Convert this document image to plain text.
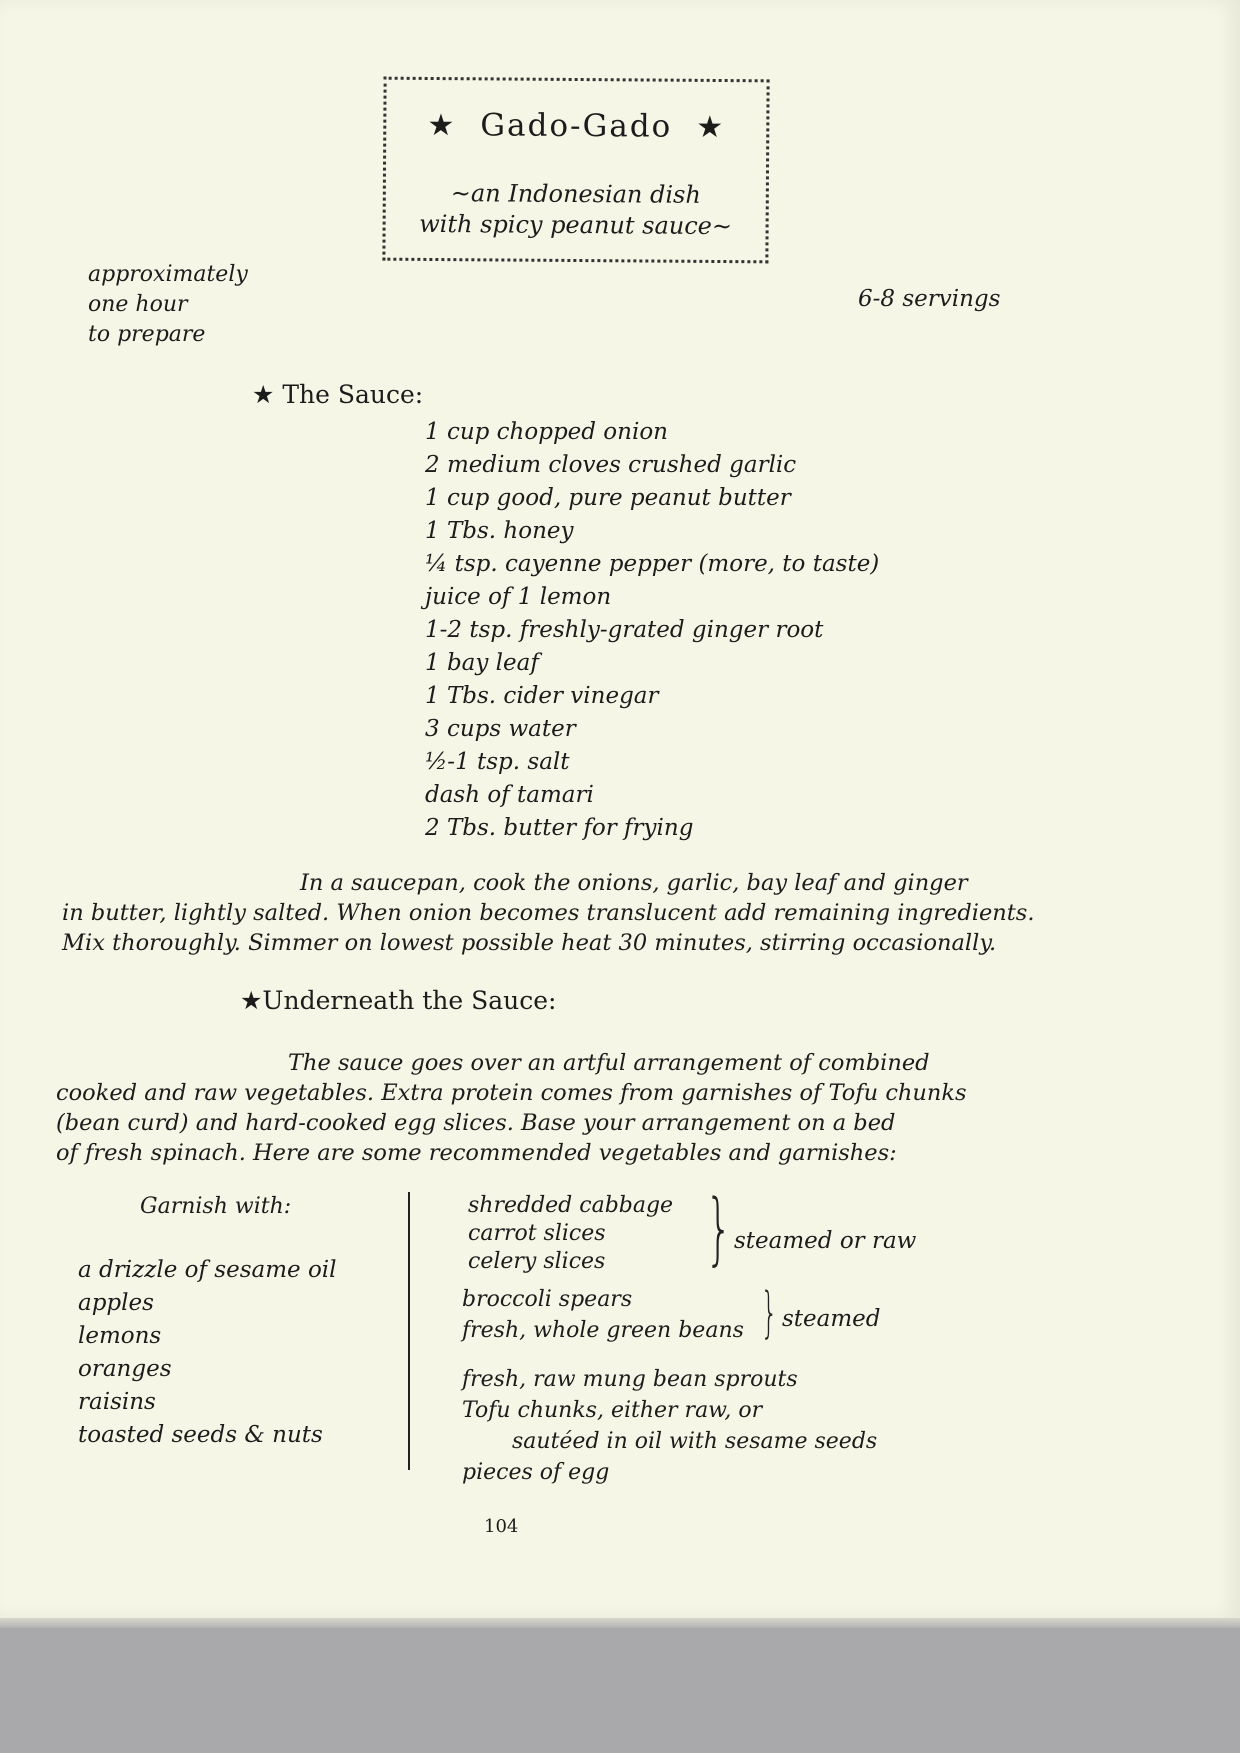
★ Gado-Gado ★
~an Indonesian dish
with spicy peanut sauce~
approximately
one hour
to prepare
6-8 servings
★ The Sauce:
1 cup chopped onion
2 medium cloves crushed garlic
1 cup good, pure peanut butter
1 Tbs. honey
¼ tsp. cayenne pepper (more, to taste)
juice of 1 lemon
1-2 tsp. freshly-grated ginger root
1 bay leaf
1 Tbs. cider vinegar
3 cups water
½-1 tsp. salt
dash of tamari
2 Tbs. butter for frying
In a saucepan, cook the onions, garlic, bay leaf and ginger
in butter, lightly salted. When onion becomes translucent add remaining ingredients.
Mix thoroughly. Simmer on lowest possible heat 30 minutes, stirring occasionally.
★Underneath the Sauce:
The sauce goes over an artful arrangement of combined
cooked and raw vegetables. Extra protein comes from garnishes of Tofu chunks
(bean curd) and hard-cooked egg slices. Base your arrangement on a bed
of fresh spinach. Here are some recommended vegetables and garnishes:
Garnish with:
a drizzle of sesame oil
apples
lemons
oranges
raisins
toasted seeds & nuts
shredded cabbage
carrot slices
celery slices	} steamed or raw
broccoli spears
fresh, whole green beans } steamed
fresh, raw mung bean sprouts
Tofu chunks, either raw, or
sautéed in oil with sesame seeds
pieces of egg
104
